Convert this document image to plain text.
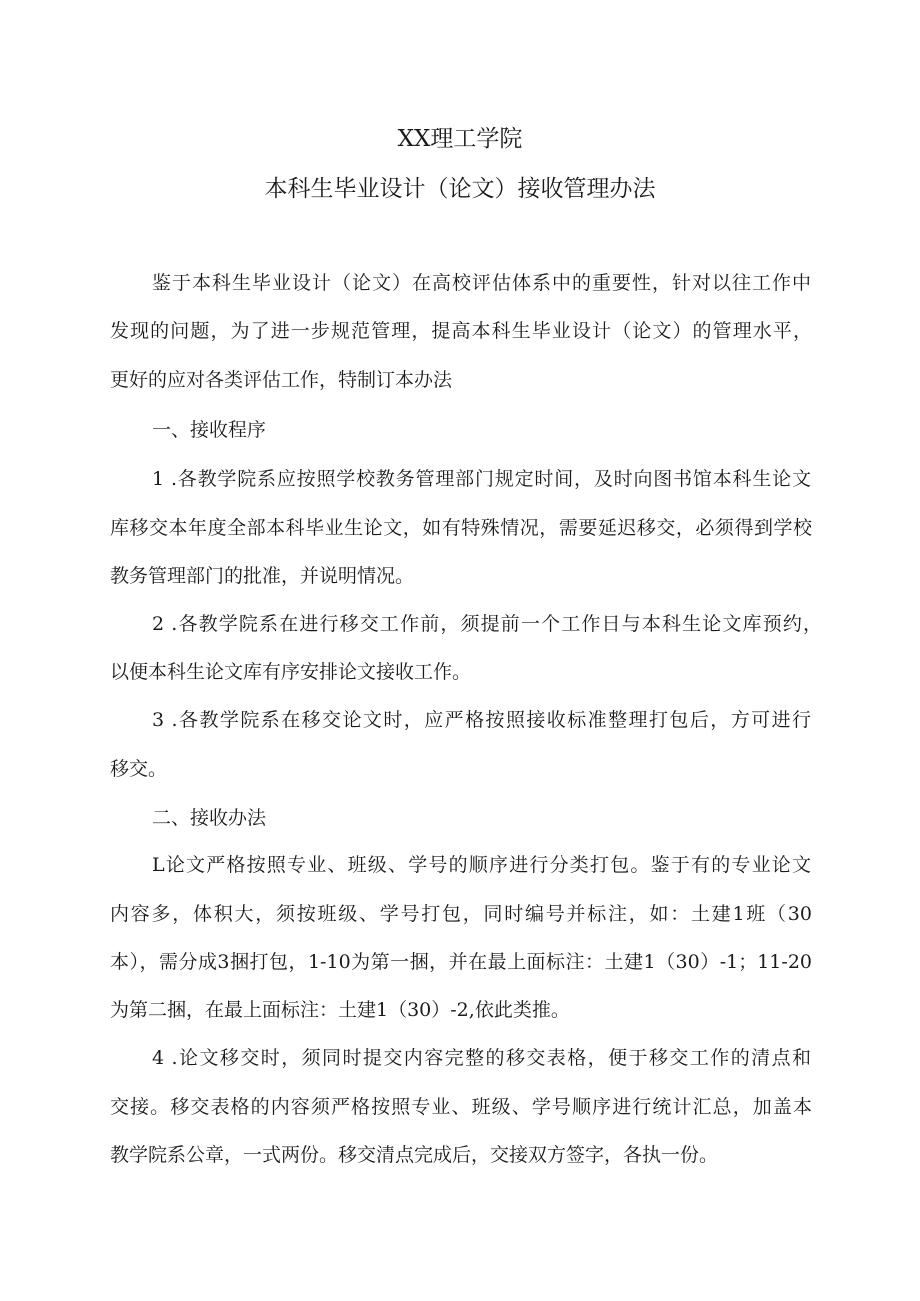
XX理工学院
本科生毕业设计（论文）接收管理办法
鉴于本科生毕业设计（论文）在高校评估体系中的重要性，针对以往工作中
发现的问题，为了进一步规范管理，提高本科生毕业设计（论文）的管理水平，
更好的应对各类评估工作，特制订本办法
一、接收程序
1 .各教学院系应按照学校教务管理部门规定时间，及时向图书馆本科生论文
库移交本年度全部本科毕业生论文，如有特殊情况，需要延迟移交，必须得到学校
教务管理部门的批准，并说明情况。
2 .各教学院系在进行移交工作前，须提前一个工作日与本科生论文库预约，
以便本科生论文库有序安排论文接收工作。
3 .各教学院系在移交论文时，应严格按照接收标准整理打包后，方可进行
移交。
二、接收办法
L论文严格按照专业、班级、学号的顺序进行分类打包。鉴于有的专业论文
内容多，体积大，须按班级、学号打包，同时编号并标注，如：土建1班（30
本），需分成3捆打包，1-10为第一捆，并在最上面标注：土建1（30）-1；11-20
为第二捆，在最上面标注：土建1（30）-2,依此类推。
4 .论文移交时，须同时提交内容完整的移交表格，便于移交工作的清点和
交接。移交表格的内容须严格按照专业、班级、学号顺序进行统计汇总，加盖本
教学院系公章，一式两份。移交清点完成后，交接双方签字，各执一份。
